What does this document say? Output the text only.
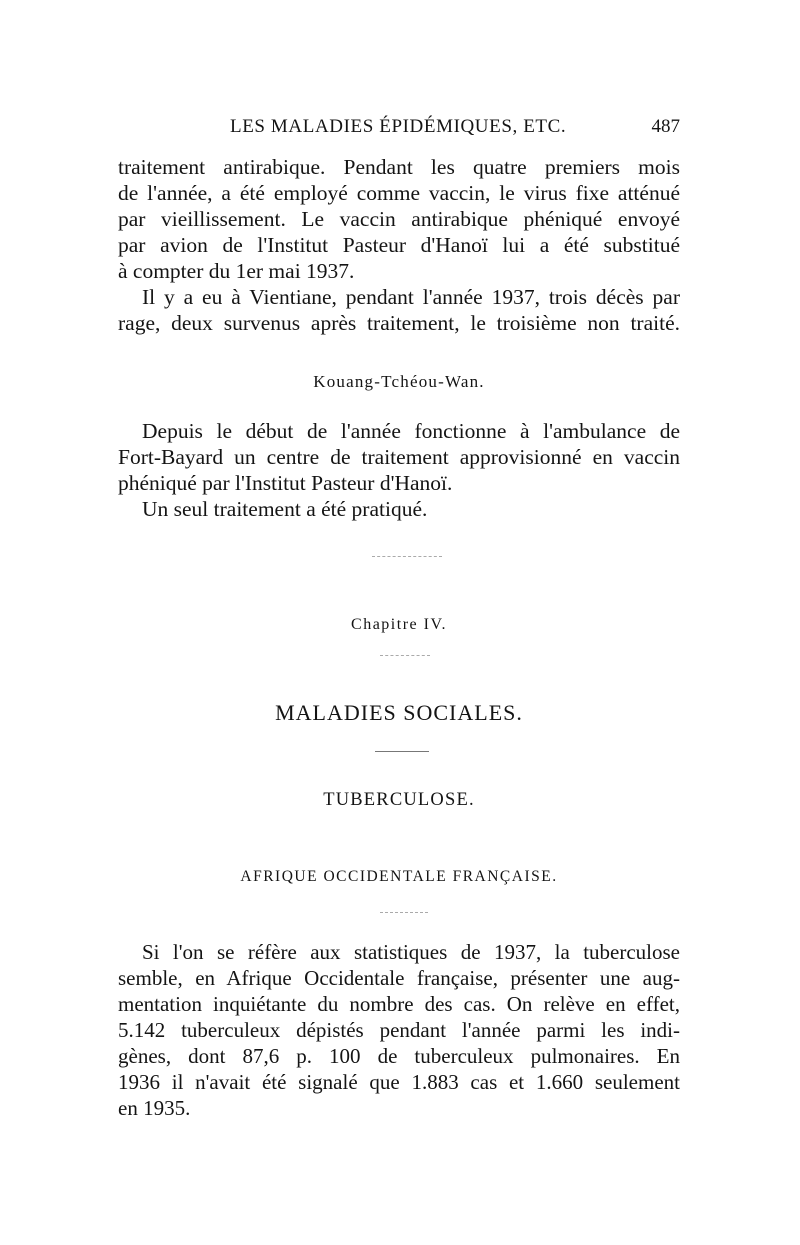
LES MALADIES ÉPIDÉMIQUES, ETC.	487
traitement antirabique. Pendant les quatre premiers mois
de l'année, a été employé comme vaccin, le virus fixe atténué
par vieillissement. Le vaccin antirabique phéniqué envoyé
par avion de l'Institut Pasteur d'Hanoï lui a été substitué
à compter du 1er mai 1937.
Il y a eu à Vientiane, pendant l'année 1937, trois décès par
rage, deux survenus après traitement, le troisième non traité.
Kouang-Tchéou-Wan.
Depuis le début de l'année fonctionne à l'ambulance de
Fort-Bayard un centre de traitement approvisionné en vaccin
phéniqué par l'Institut Pasteur d'Hanoï.
Un seul traitement a été pratiqué.
Chapitre IV.
MALADIES SOCIALES.
TUBERCULOSE.
AFRIQUE OCCIDENTALE FRANÇAISE.
Si l'on se réfère aux statistiques de 1937, la tuberculose
semble, en Afrique Occidentale française, présenter une aug-
mentation inquiétante du nombre des cas. On relève en effet,
5.142 tuberculeux dépistés pendant l'année parmi les indi-
gènes, dont 87,6 p. 100 de tuberculeux pulmonaires. En
1936 il n'avait été signalé que 1.883 cas et 1.660 seulement
en 1935.
